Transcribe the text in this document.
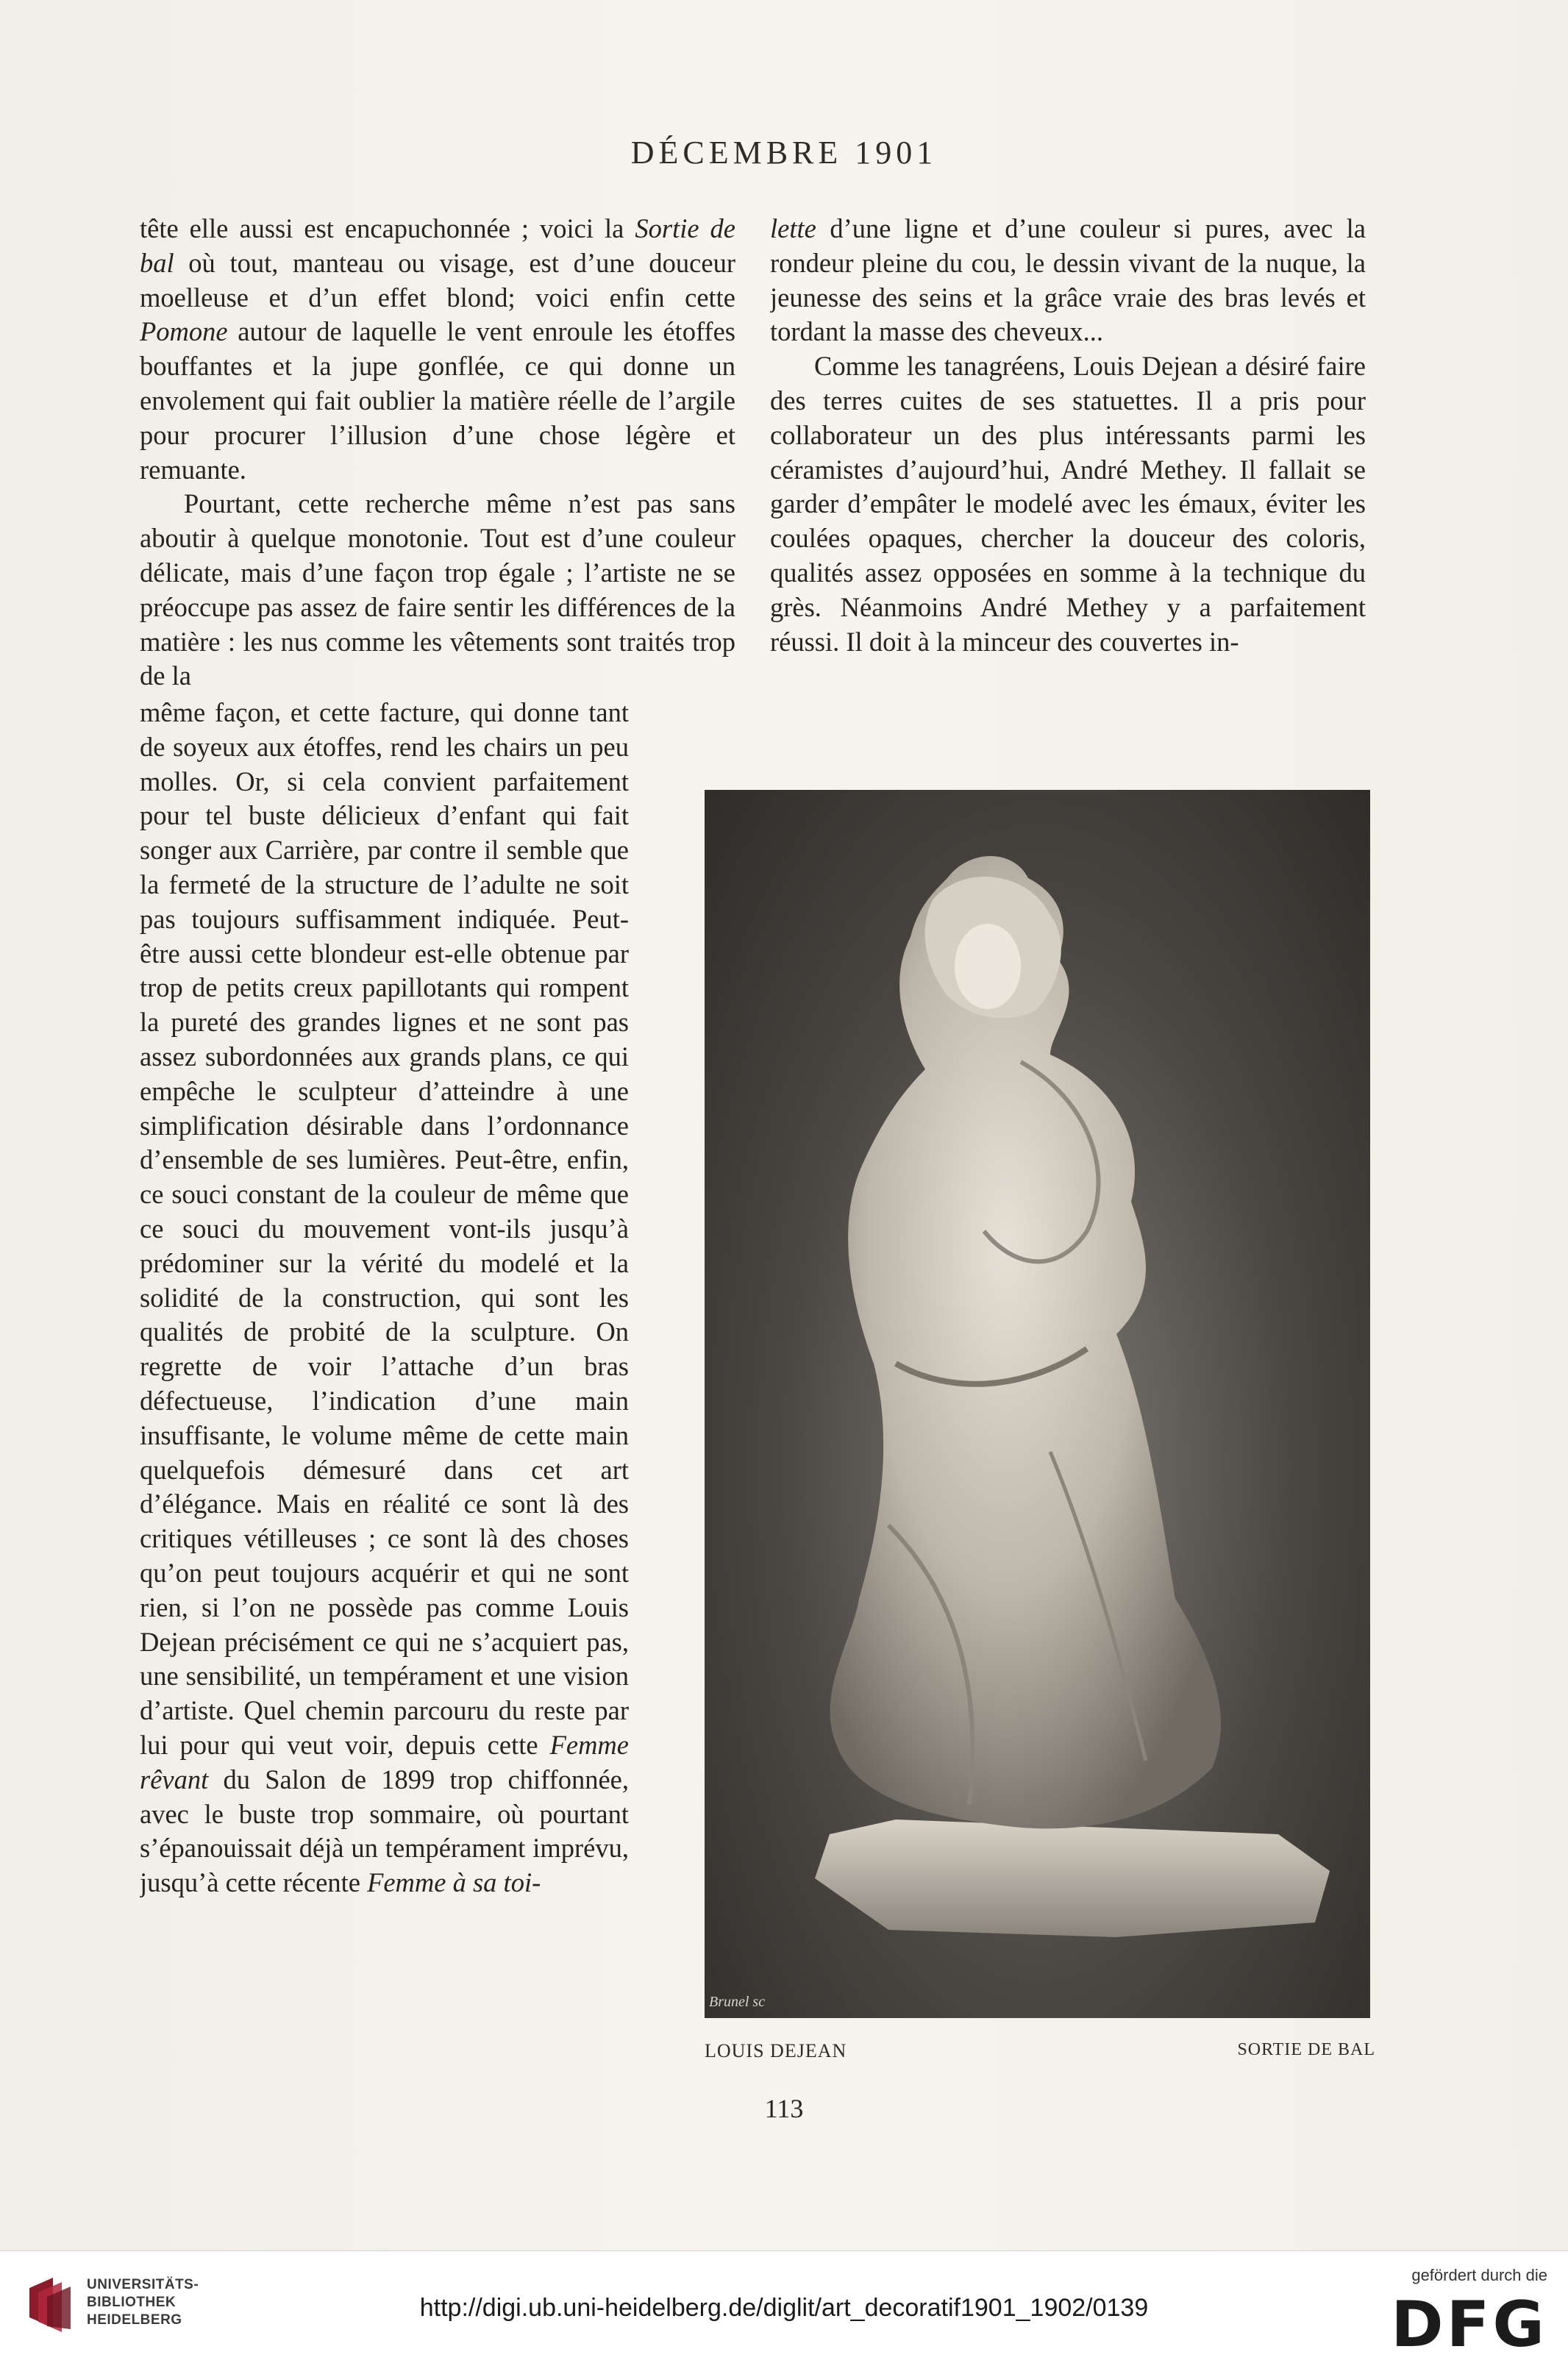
DÉCEMBRE 1901

tête elle aussi est encapuchonnée ; voici la Sortie de bal où tout, manteau ou visage, est d’une douceur moelleuse et d’un effet blond; voici enfin cette Pomone autour de laquelle le vent enroule les étoffes bouffantes et la jupe gonflée, ce qui donne un envolement qui fait oublier la matière réelle de l’argile pour procurer l’illusion d’une chose légère et remuante.

Pourtant, cette recherche même n’est pas sans aboutir à quelque monotonie. Tout est d’une couleur délicate, mais d’une façon trop égale ; l’artiste ne se préoccupe pas assez de faire sentir les différences de la matière : les nus comme les vêtements sont traités trop de la

même façon, et cette facture, qui donne tant de soyeux aux étoffes, rend les chairs un peu molles. Or, si cela convient parfaitement pour tel buste délicieux d’enfant qui fait songer aux Carrière, par contre il semble que la fermeté de la structure de l’adulte ne soit pas toujours suffisamment indiquée. Peut-être aussi cette blondeur est-elle obtenue par trop de petits creux papillotants qui rompent la pureté des grandes lignes et ne sont pas assez subordonnées aux grands plans, ce qui empêche le sculpteur d’atteindre à une simplification désirable dans l’ordonnance d’ensemble de ses lumières. Peut-être, enfin, ce souci constant de la couleur de même que ce souci du mouvement vont-ils jusqu’à prédominer sur la vérité du modelé et la solidité de la construction, qui sont les qualités de probité de la sculpture. On regrette de voir l’attache d’un bras défectueuse, l’indication d’une main insuffisante, le volume même de cette main quelquefois démesuré dans cet art d’élégance. Mais en réalité ce sont là des critiques vétilleuses ; ce sont là des choses qu’on peut toujours acquérir et qui ne sont rien, si l’on ne possède pas comme Louis Dejean précisément ce qui ne s’acquiert pas, une sensibilité, un tempérament et une vision d’artiste. Quel chemin parcouru du reste par lui pour qui veut voir, depuis cette Femme rêvant du Salon de 1899 trop chiffonnée, avec le buste trop sommaire, où pourtant s’épanouissait déjà un tempérament imprévu, jusqu’à cette récente Femme à sa toi-

lette d’une ligne et d’une couleur si pures, avec la rondeur pleine du cou, le dessin vivant de la nuque, la jeunesse des seins et la grâce vraie des bras levés et tordant la masse des cheveux...

Comme les tanagréens, Louis Dejean a désiré faire des terres cuites de ses statuettes. Il a pris pour collaborateur un des plus intéressants parmi les céramistes d’aujourd’hui, André Methey. Il fallait se garder d’empâter le modelé avec les émaux, éviter les coulées opaques, chercher la douceur des coloris, qualités assez opposées en somme à la technique du grès. Néanmoins André Methey y a parfaitement réussi. Il doit à la minceur des couvertes in-

Brunel sc
LOUIS DEJEAN	SORTIE DE BAL
113
UNIVERSITÄTS-
BIBLIOTHEK
HEIDELBERG	http://digi.ub.uni-heidelberg.de/diglit/art_decoratif1901_1902/0139
gefördert durch die
DFG
